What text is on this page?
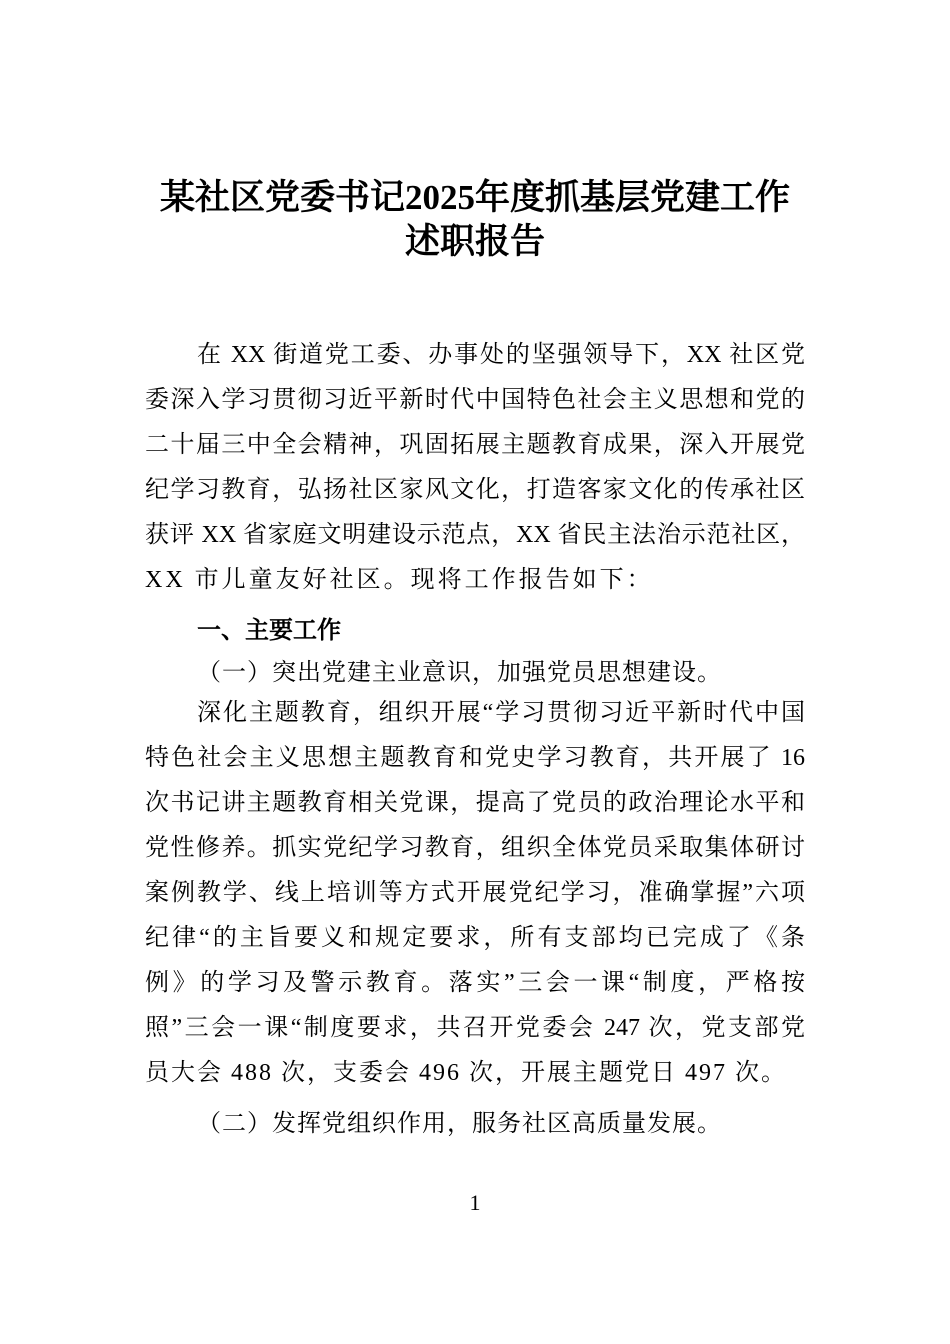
某社区党委书记2025年度抓基层党建工作
述职报告
在 XX 街道党工委、办事处的坚强领导下，XX 社区党
委深入学习贯彻习近平新时代中国特色社会主义思想和党的
二十届三中全会精神，巩固拓展主题教育成果，深入开展党
纪学习教育，弘扬社区家风文化，打造客家文化的传承社区
获评 XX 省家庭文明建设示范点，XX 省民主法治示范社区，
XX 市儿童友好社区。现将工作报告如下：
一、主要工作
（一）突出党建主业意识，加强党员思想建设。
深化主题教育，组织开展“学习贯彻习近平新时代中国
特色社会主义思想主题教育和党史学习教育，共开展了 16
次书记讲主题教育相关党课，提高了党员的政治理论水平和
党性修养。抓实党纪学习教育，组织全体党员采取集体研讨
案例教学、线上培训等方式开展党纪学习，准确掌握”六项
纪律“的主旨要义和规定要求，所有支部均已完成了《条
例》的学习及警示教育。落实”三会一课“制度，严格按
照”三会一课“制度要求，共召开党委会 247 次，党支部党
员大会 488 次，支委会 496 次，开展主题党日 497 次。
（二）发挥党组织作用，服务社区高质量发展。
1
